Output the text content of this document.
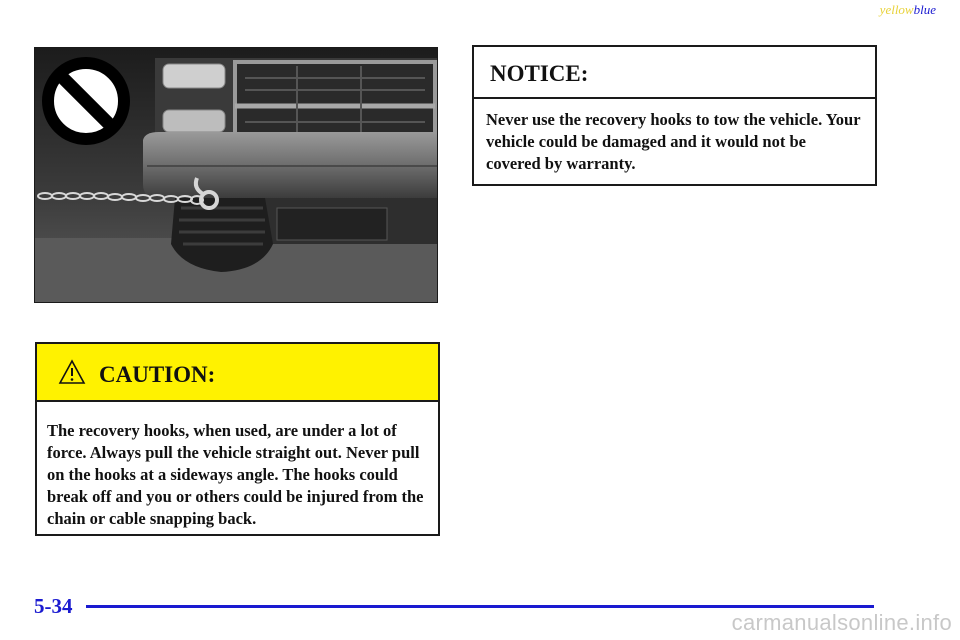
yellowblue
CAUTION:
The recovery hooks, when used, are under a lot of force. Always pull the vehicle straight out. Never pull on the hooks at a sideways angle. The hooks could break off and you or others could be injured from the chain or cable snapping back.
NOTICE:
Never use the recovery hooks to tow the vehicle. Your vehicle could be damaged and it would not be covered by warranty.
5-34
carmanualsonline.info
